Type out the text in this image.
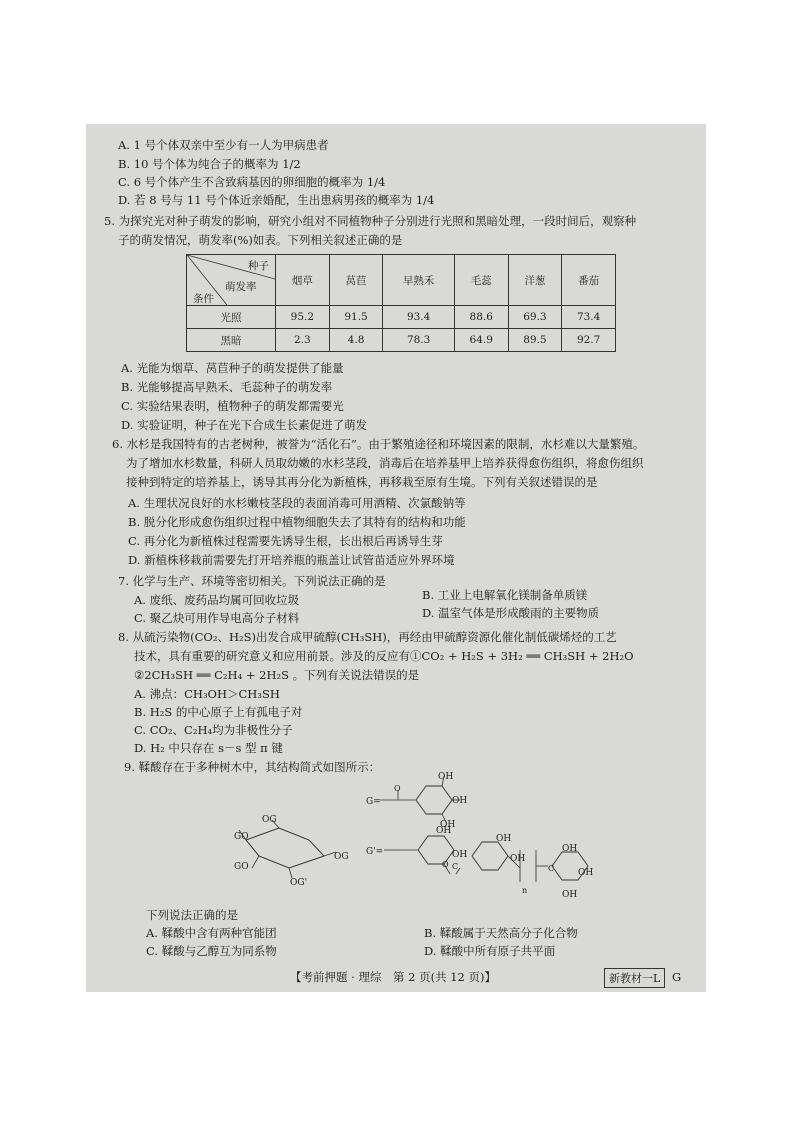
A. 1 号个体双亲中至少有一人为甲病患者
B. 10 号个体为纯合子的概率为 1/2
C. 6 号个体产生不含致病基因的卵细胞的概率为 1/4
D. 若 8 号与 11 号个体近亲婚配，生出患病男孩的概率为 1/4
5. 为探究光对种子萌发的影响，研究小组对不同植物种子分别进行光照和黑暗处理，一段时间后，观察种
子的萌发情况，萌发率(%)如表。下列相关叙述正确的是
种子
萌发率
条件	烟草	莴苣	早熟禾	毛蕊	洋葱	番茄
光照	95.2	91.5	93.4	88.6	69.3	73.4
黑暗	2.3	4.8	78.3	64.9	89.5	92.7
A. 光能为烟草、莴苣种子的萌发提供了能量
B. 光能够提高早熟禾、毛蕊种子的萌发率
C. 实验结果表明，植物种子的萌发都需要光
D. 实验证明，种子在光下合成生长素促进了萌发
6. 水杉是我国特有的古老树种，被誉为“活化石”。由于繁殖途径和环境因素的限制，水杉难以大量繁殖。
为了增加水杉数量，科研人员取幼嫩的水杉茎段，消毒后在培养基甲上培养获得愈伤组织，将愈伤组织
接种到特定的培养基上，诱导其再分化为新植株，再移栽至原有生境。下列有关叙述错误的是
A. 生理状况良好的水杉嫩枝茎段的表面消毒可用酒精、次氯酸钠等
B. 脱分化形成愈伤组织过程中植物细胞失去了其特有的结构和功能
C. 再分化为新植株过程需要先诱导生根，长出根后再诱导生芽
D. 新植株移栽前需要先打开培养瓶的瓶盖让试管苗适应外界环境
7. 化学与生产、环境等密切相关。下列说法正确的是
A. 废纸、废药品均属可回收垃圾	B. 工业上电解氧化镁制备单质镁
C. 聚乙炔可用作导电高分子材料	D. 温室气体是形成酸雨的主要物质
8. 从硫污染物(CO₂、H₂S)出发合成甲硫醇(CH₃SH)，再经由甲硫醇资源化催化制低碳烯烃的工艺
技术，具有重要的研究意义和应用前景。涉及的反应有①CO₂ + H₂S + 3H₂ ══ CH₃SH + 2H₂O
②2CH₃SH ══ C₂H₄ + 2H₂S 。下列有关说法错误的是
A. 沸点：CH₃OH＞CH₃SH
B. H₂S 的中心原子上有孤电子对
C. CO₂、C₂H₄均为非极性分子
D. H₂ 中只存在 s－s 型 π 键
9. 鞣酸存在于多种树木中，其结构简式如图所示：
OG
GO
GO
OG'
OG
G=
O
OH
OH
OH
G'=
OH
OH
O C
OH
OH
n
C
OH
OH
OH
下列说法正确的是
A. 鞣酸中含有两种官能团	B. 鞣酸属于天然高分子化合物
C. 鞣酸与乙醇互为同系物	D. 鞣酸中所有原子共平面
【考前押题 · 理综　第 2 页(共 12 页)】	新教材一L	G
